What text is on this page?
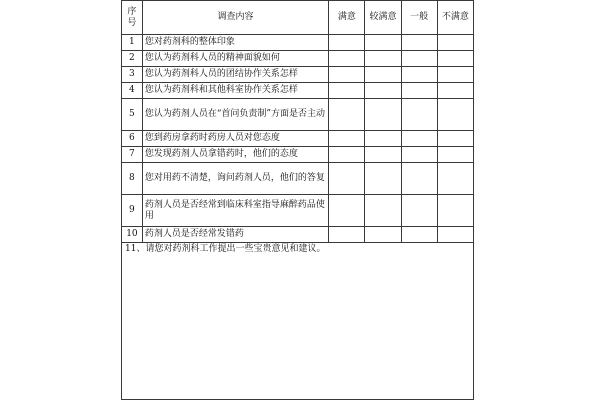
序号	调查内容	满意	较满意	一般	不满意
1	您对药剂科的整体印象				
2	您认为药剂科人员的精神面貌如何				
3	您认为药剂科人员的团结协作关系怎样				
4	您认为药剂科和其他科室协作关系怎样				
5	您认为药剂人员在“首问负责制”方面是否主动				
6	您到药房拿药时药房人员对您态度				
7	您发现药剂人员拿错药时，他们的态度				
8	您对用药不清楚，询问药剂人员，他们的答复				
9	药剂人员是否经常到临床科室指导麻醉药品使用				
10	药剂人员是否经常发错药				
11、请您对药剂科工作提出一些宝贵意见和建议。					
